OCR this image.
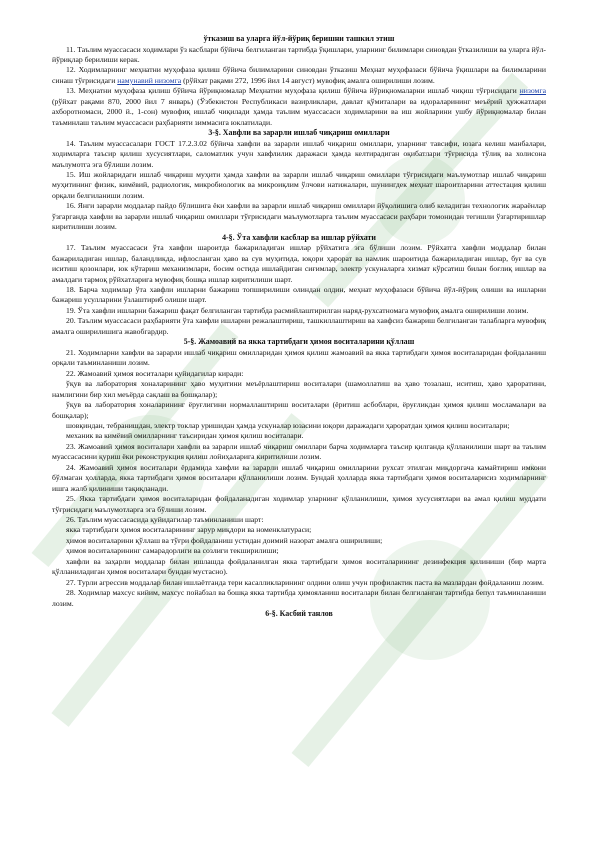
ўтказиш ва уларга йўл-йўриқ беришни ташкил этиш

11. Таълим муассасаси ходимлари ўз касблари бўйича белгиланган тартибда ўқишлари, уларнинг билимлари синовдан ўтказилиши ва уларга йўл-йўриқлар берилиши керак.

12. Ходимларнинг меҳнатни муҳофаза қилиш бўйича билимларини синовдан ўтказиш Меҳнат муҳофазаси бўйича ўқишлари ва билимларини синаш тўғрисидаги намунавий низомга (рўйхат рақами 272, 1996 йил 14 август) мувофиқ амалга оширилиши лозим.

13. Меҳнатни муҳофаза қилиш бўйича йўриқномалар Меҳнатни муҳофаза қилиш бўйича йўриқномаларни ишлаб чиқиш тўғрисидаги низомга (рўйхат рақами 870, 2000 йил 7 январь) (Ўзбекистон Республикаси вазирликлари, давлат қўмиталари ва идораларининг меъёрий ҳужжатлари ахборотномаси, 2000 й., 1-сон) мувофиқ ишлаб чиқилади ҳамда таълим муассасаси ходимларини ва иш жойларини ушбу йўриқномалар билан таъминлаш таълим муассасаси раҳбарияти зиммасига юклатилади.

3-§. Хавфли ва зарарли ишлаб чиқариш омиллари

14. Таълим муассасалари ГОСТ 17.2.3.02 бўйича хавфли ва зарарли ишлаб чиқариш омиллари, уларнинг тавсифи, юзага келиш манбалари, ходимларга таъсир қилиш хусусиятлари, саломатлик учун хавфлилик даражаси ҳамда келтирадиган оқибатлари тўғрисида тўлиқ ва холисона маълумотга эга бўлиши лозим.

15. Иш жойларидаги ишлаб чиқариш муҳити ҳамда хавфли ва зарарли ишлаб чиқариш омиллари тўғрисидаги маълумотлар ишлаб чиқариш муҳитининг физик, кимёвий, радиологик, микробиологик ва микроиқлим ўлчови натижалари, шунингдек меҳнат шароитларини аттестация қилиш орқали белгиланиши лозим.

16. Янги зарарли моддалар пайдо бўлишига ёки хавфли ва зарарли ишлаб чиқариш омиллари йўқолишига олиб келадиган технологик жараёнлар ўзгарганда хавфли ва зарарли ишлаб чиқариш омиллари тўғрисидаги маълумотларга таълим муассасаси раҳбари томонидан тегишли ўзгартиришлар киритилиши лозим.

4-§. Ўта хавфли касблар ва ишлар рўйхати

17. Таълим муассасаси ўта хавфли шароитда бажариладиган ишлар рўйхатига эга бўлиши лозим. Рўйхатга хавфли моддалар билан бажариладиган ишлар, баландликда, ифлосланган ҳаво ва сув муҳитида, юқори ҳарорат ва намлик шароитида бажариладиган ишлар, буғ ва сув иситиш қозонлари, юк кўтариш механизмлари, босим остида ишлайдиган сиғимлар, электр ускуналарга хизмат кўрсатиш билан боғлиқ ишлар ва амалдаги тармоқ рўйхатларига мувофиқ бошқа ишлар киритилиши шарт.

18. Барча ходимлар ўта хавфли ишларни бажариш топширилиши олиндан олдин, меҳнат муҳофазаси бўйича йўл-йўриқ олиши ва ишларни бажариш усулларини ўзлаштириб олиши шарт.

19. Ўта хавфли ишларни бажариш фақат белгиланган тартибда расмийлаштирилган наряд-рухсатномага мувофиқ амалга оширилиши лозим.

20. Таълим муассасаси раҳбарияти ўта хавфли ишларни режалаштириш, ташкиллаштириш ва хавфсиз бажариш белгиланган талабларга мувофиқ амалга оширилишига жавобгардир.

5-§. Жамоавий ва якка тартибдаги ҳимоя воситаларини қўллаш

21. Ходимларни хавфли ва зарарли ишлаб чиқариш омилларидан ҳимоя қилиш жамоавий ва якка тартибдаги ҳимоя воситаларидан фойдаланиш орқали таъминланиши лозим.

22. Жамоавий ҳимоя воситалари қуйидагилар киради:

ўқув ва лаборатория хоналарининг ҳаво муҳитини меъёрлаштириш воситалари (шамоллатиш ва ҳаво тозалаш, иситиш, ҳаво ҳароратини, намлигини бир хил меъёрда сақлаш ва бошқалар);

ўқув ва лаборатория хоналарининг ёруғлигини нормаллаштириш воситалари (ёритиш асбоблари, ёруғликдан ҳимоя қилиш мосламалари ва бошқалар);

шовқиндан, тебранишдан, электр токлар уришидан ҳамда ускуналар юзасини юқори даражадаги ҳароратдан ҳимоя қилиш воситалари;

механик ва кимёвий омилларнинг таъсиридан ҳимоя қилиш воситалари.

23. Жамоавий ҳимоя воситалари хавфли ва зарарли ишлаб чиқариш омиллари барча ходимларга таъсир қилганда қўлланилиши шарт ва таълим муассасасини қуриш ёки реконструкция қилиш лойиҳаларига киритилиши лозим.

24. Жамоавий ҳимоя воситалари ёрдамида хавфли ва зарарли ишлаб чиқариш омилларини рухсат этилган миқдоргача камайтириш имкони бўлмаган ҳолларда, якка тартибдаги ҳимоя воситалари қўлланилиши лозим. Бундай ҳолларда якка тартибдаги ҳимоя воситаларисиз ходимларнинг ишга жалб қилиниши тақиқланади.

25. Якка тартибдаги ҳимоя воситаларидан фойдаланадиган ходимлар уларнинг қўлланилиши, ҳимоя хусусиятлари ва амал қилиш муддати тўғрисидаги маълумотларга эга бўлиши лозим.

26. Таълим муассасасида қуйидагилар таъминланиши шарт:

якка тартибдаги ҳимоя воситаларининг зарур миқдори ва номенклатураси;

ҳимоя воситаларини қўллаш ва тўғри фойдаланиш устидан доимий назорат амалга оширилиши;

ҳимоя воситаларининг самарадорлиги ва созлиги текширилиши;

хавфли ва заҳарли моддалар билан ишлашда фойдаланилган якка тартибдаги ҳимоя воситаларининг дезинфекция қилиниши (бир марта қўлланиладиган ҳимоя воситалари бундан мустасно).

27. Турли агрессив моддалар билан ишлаётганда тери касалликларининг олдини олиш учун профилактик паста ва мазлардан фойдаланиш лозим.

28. Ходимлар махсус кийим, махсус пойабзал ва бошқа якка тартибда ҳимояланиш воситалари билан белгиланган тартибда бепул таъминланиши лозим.

6-§. Касбий танлов
